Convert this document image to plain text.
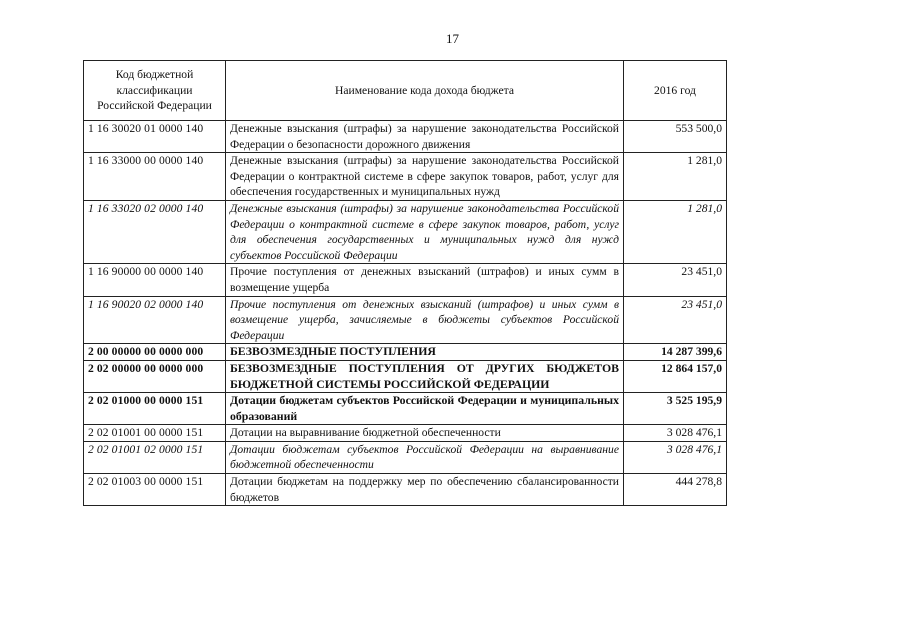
17
Код бюджетной классификации Российской Федерации	Наименование кода дохода бюджета	2016 год
1 16 30020 01 0000 140	Денежные взыскания (штрафы) за нарушение законодательства Российской Федерации о безопасности дорожного движения	553 500,0
1 16 33000 00 0000 140	Денежные взыскания (штрафы) за нарушение законодательства Российской Федерации о контрактной системе в сфере закупок товаров, работ, услуг для обеспечения государственных и муниципальных нужд	1 281,0
1 16 33020 02 0000 140	Денежные взыскания (штрафы) за нарушение законодательства Российской Федерации о контрактной системе в сфере закупок товаров, работ, услуг для обеспечения государственных и муниципальных нужд для нужд субъектов Российской Федерации	1 281,0
1 16 90000 00 0000 140	Прочие поступления от денежных взысканий (штрафов) и иных сумм в возмещение ущерба	23 451,0
1 16 90020 02 0000 140	Прочие поступления от денежных взысканий (штрафов) и иных сумм в возмещение ущерба, зачисляемые в бюджеты субъектов Российской Федерации	23 451,0
2 00 00000 00 0000 000	БЕЗВОЗМЕЗДНЫЕ ПОСТУПЛЕНИЯ	14 287 399,6
2 02 00000 00 0000 000	БЕЗВОЗМЕЗДНЫЕ ПОСТУПЛЕНИЯ ОТ ДРУГИХ БЮДЖЕТОВ БЮДЖЕТНОЙ СИСТЕМЫ РОССИЙСКОЙ ФЕДЕРАЦИИ	12 864 157,0
2 02 01000 00 0000 151	Дотации бюджетам субъектов Российской Федерации и муниципальных образований	3 525 195,9
2 02 01001 00 0000 151	Дотации на выравнивание бюджетной обеспеченности	3 028 476,1
2 02 01001 02 0000 151	Дотации бюджетам субъектов Российской Федерации на выравнивание бюджетной обеспеченности	3 028 476,1
2 02 01003 00 0000 151	Дотации бюджетам на поддержку мер по обеспечению сбалансированности бюджетов	444 278,8
